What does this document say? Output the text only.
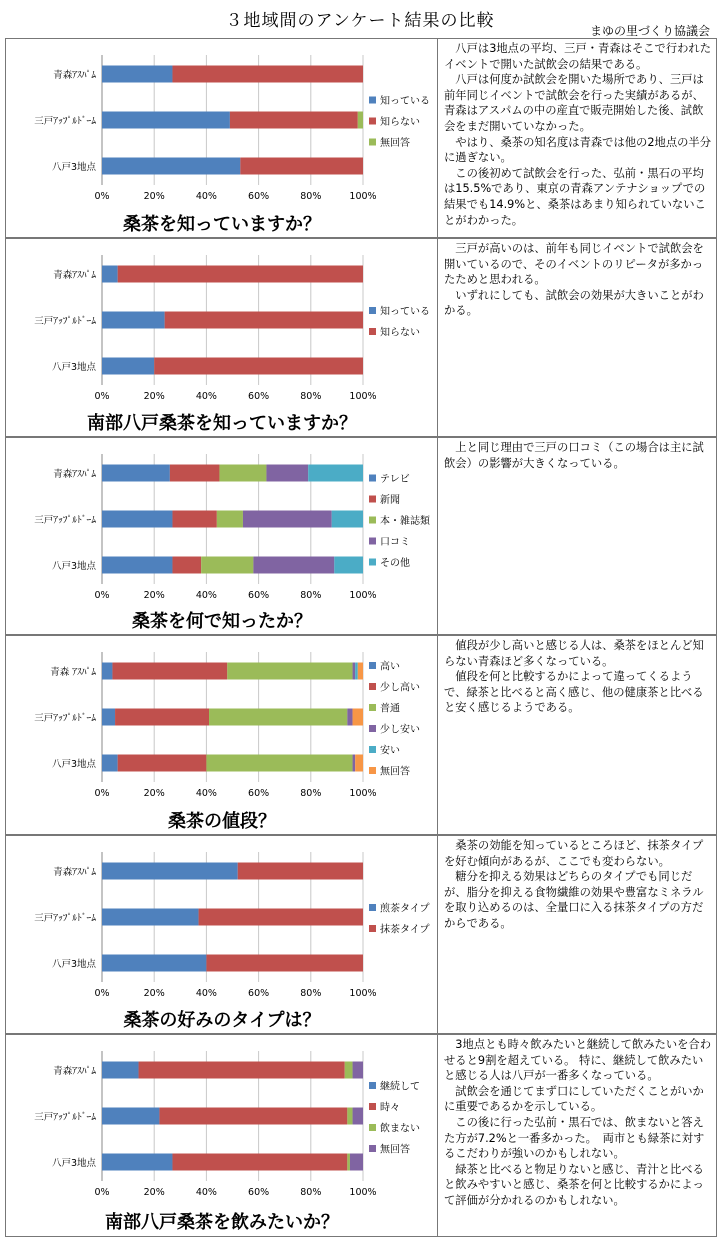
３地域間のアンケート結果の比較	まゆの里づくり協議会
0%	20%	40%	60%	80%	100%
青森ｱｽﾊﾟﾑ
三戸ｱｯﾌﾟﾙﾄﾞｰﾑ
八戸3地点
知っている
知らない
無回答
桑茶を知っていますか？

　八戸は3地点の平均、三戸・青森はそこで行われたイベントで開いた試飲会の結果である。
　八戸は何度か試飲会を開いた場所であり、三戸は前年同じイベントで試飲会を行った実績があるが、青森はアスパムの中の産直で販売開始した後、試飲会をまだ開いていなかった。
　やはり、桑茶の知名度は青森では他の2地点の半分に過ぎない。
　この後初めて試飲会を行った、弘前・黒石の平均は15.5%であり、東京の青森アンテナショップでの結果でも14.9%と、桑茶はあまり知られていないことがわかった。

0%	20%	40%	60%	80%	100%
青森ｱｽﾊﾟﾑ
三戸ｱｯﾌﾟﾙﾄﾞｰﾑ
八戸3地点
知っている
知らない
南部八戸桑茶を知っていますか？

　三戸が高いのは、前年も同じイベントで試飲会を開いているので、そのイベントのリピータが多かったためと思われる。
　いずれにしても、試飲会の効果が大きいことがわかる。

0%	20%	40%	60%	80%	100%
青森ｱｽﾊﾟﾑ
三戸ｱｯﾌﾟﾙﾄﾞｰﾑ
八戸3地点
テレビ
新聞
本・雑誌類
口コミ
その他
桑茶を何で知ったか？

　上と同じ理由で三戸の口コミ（この場合は主に試飲会）の影響が大きくなっている。

0%	20%	40%	60%	80%	100%
青森 ｱｽﾊﾟﾑ
三戸ｱｯﾌﾟﾙﾄﾞｰﾑ
八戸3地点
高い
少し高い
普通
少し安い
安い
無回答
桑茶の値段？

　値段が少し高いと感じる人は、桑茶をほとんど知らない青森ほど多くなっている。
　値段を何と比較するかによって違ってくるようで、緑茶と比べると高く感じ、他の健康茶と比べると安く感じるようである。

0%	20%	40%	60%	80%	100%
青森ｱｽﾊﾟﾑ
三戸ｱｯﾌﾟﾙﾄﾞｰﾑ
八戸3地点
煎茶タイプ
抹茶タイプ
桑茶の好みのタイプは？

　桑茶の効能を知っているところほど、抹茶タイプを好む傾向があるが、ここでも変わらない。
　糖分を抑える効果はどちらのタイプでも同じだが、脂分を抑える食物繊維の効果や豊富なミネラルを取り込めるのは、全量口に入る抹茶タイプの方だからである。

0%	20%	40%	60%	80%	100%
青森ｱｽﾊﾟﾑ
三戸ｱｯﾌﾟﾙﾄﾞｰﾑ
八戸3地点
継続して
時々
飲まない
無回答
南部八戸桑茶を飲みたいか？

　3地点とも時々飲みたいと継続して飲みたいを合わせると9割を超えている。 特に、継続して飲みたいと感じる人は八戸が一番多くなっている。
　試飲会を通じてまず口にしていただくことがいかに重要であるかを示している。
　この後に行った弘前・黒石では、飲まないと答えた方が7.2%と一番多かった。　両市とも緑茶に対するこだわりが強いのかもしれない。
　緑茶と比べると物足りないと感じ、青汁と比べると飲みやすいと感じ、桑茶を何と比較するかによって評価が分かれるのかもしれない。
